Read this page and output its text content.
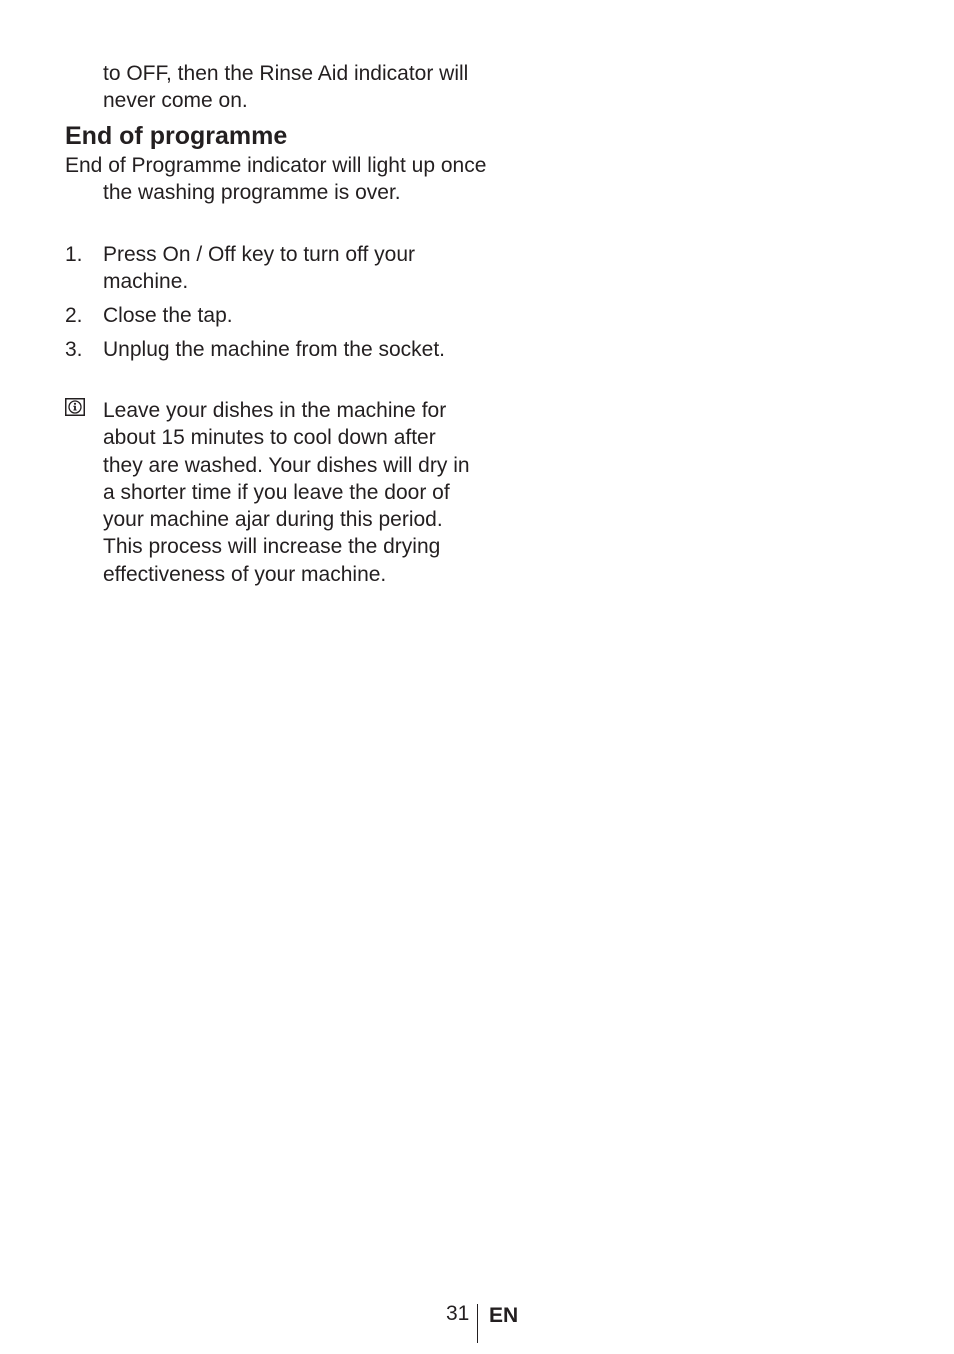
to OFF, then the Rinse Aid indicator will never come on.
End of programme
End of Programme indicator will light up once the washing programme is over.
1. Press On / Off key to turn off your machine.
2. Close the tap.
3. Unplug the machine from the socket.
Leave your dishes in the machine for about 15 minutes to cool down after they are washed. Your dishes will dry in a shorter time if you leave the door of your machine ajar during this period. This process will increase the drying effectiveness of your machine.
31 EN
